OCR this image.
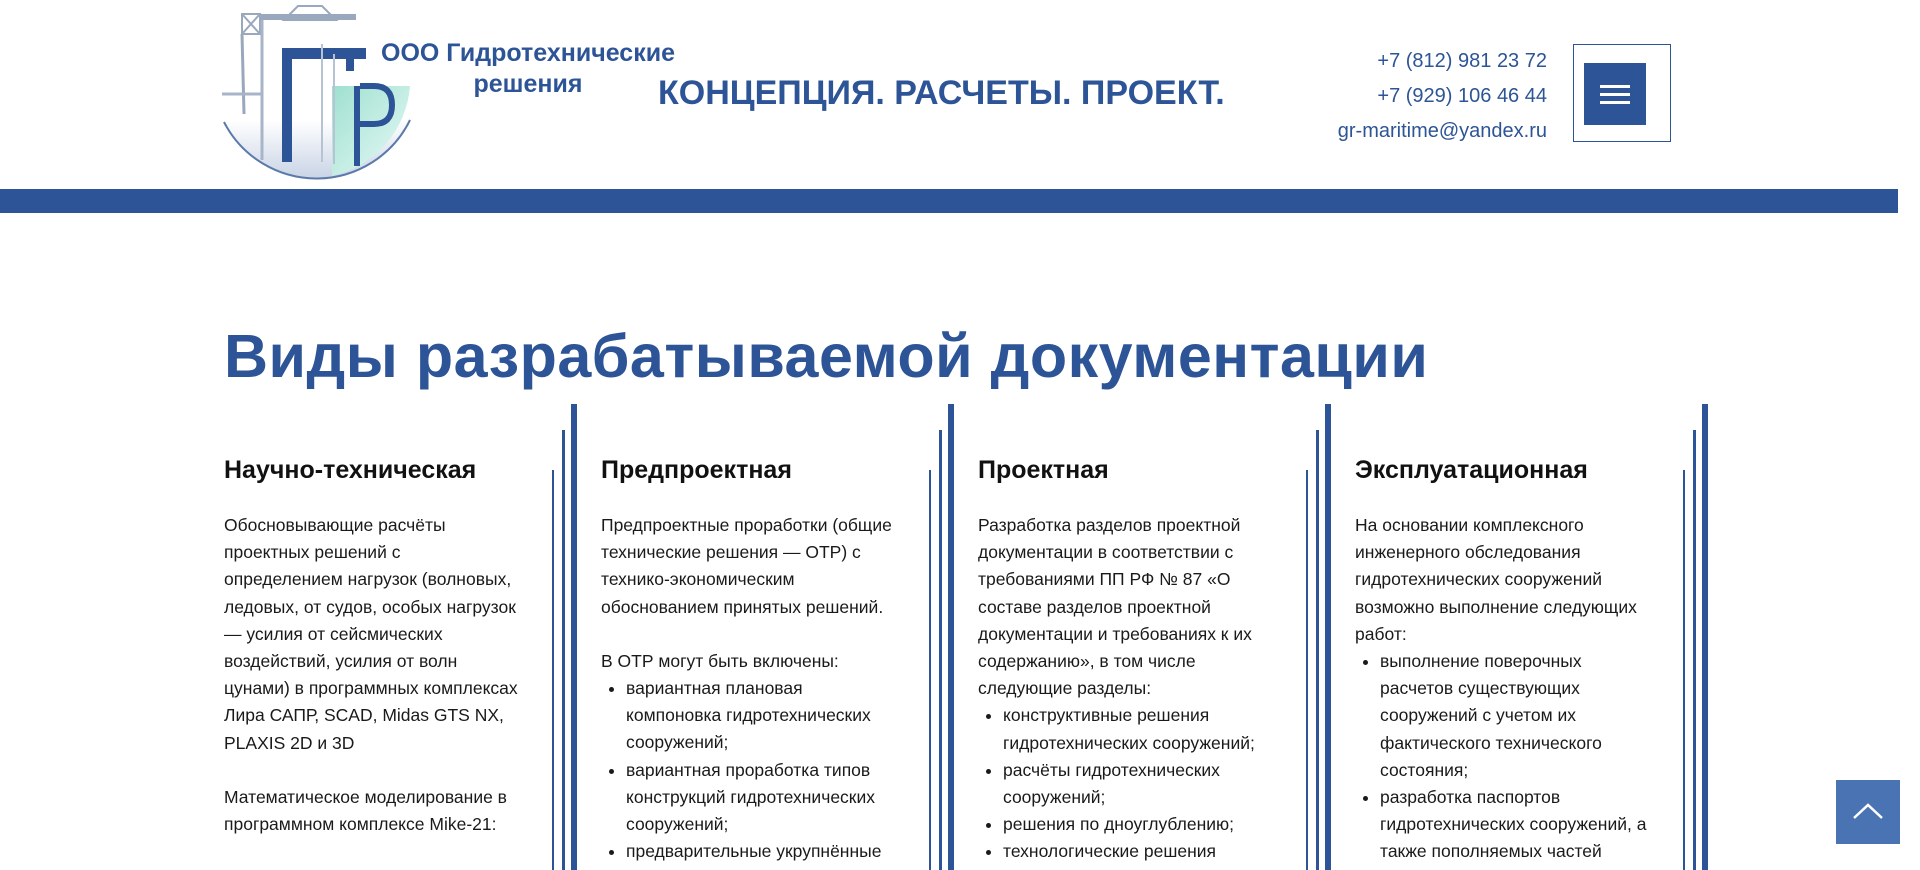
ООО Гидротехнические решения	КОНЦЕПЦИЯ. РАСЧЕТЫ. ПРОЕКТ.
+7 (812) 981 23 72
+7 (929) 106 46 44
gr-maritime@yandex.ru
Виды разрабатываемой документации
Научно-техническая

Обосновывающие расчёты проектных решений с определением нагрузок (волновых, ледовых, от судов, особых нагрузок — усилия от сейсмических воздействий, усилия от волн цунами) в программных комплексах Лира САПР, SCAD, Midas GTS NX, PLAXIS 2D и 3D

Математическое моделирование в программном комплексе Mike-21:

Предпроектная

Предпроектные проработки (общие технические решения — ОТР) с технико-экономическим обоснованием принятых решений.

В ОТР могут быть включены:

• вариантная плановая компоновка гидротехнических сооружений;
• вариантная проработка типов конструкций гидротехнических сооружений;
• предварительные укрупнённые
Проектная

Разработка разделов проектной документации в соответствии с требованиями ПП РФ № 87 «О составе разделов проектной документации и требованиях к их содержанию», в том числе следующие разделы:

• конструктивные решения гидротехнических сооружений;
• расчёты гидротехнических сооружений;
• решения по дноуглублению;
• технологические решения
Эксплуатационная

На основании комплексного инженерного обследования гидротехнических сооружений возможно выполнение следующих работ:

• выполнение поверочных расчетов существующих сооружений с учетом их фактического технического состояния;
• разработка паспортов гидротехнических сооружений, а также пополняемых частей
